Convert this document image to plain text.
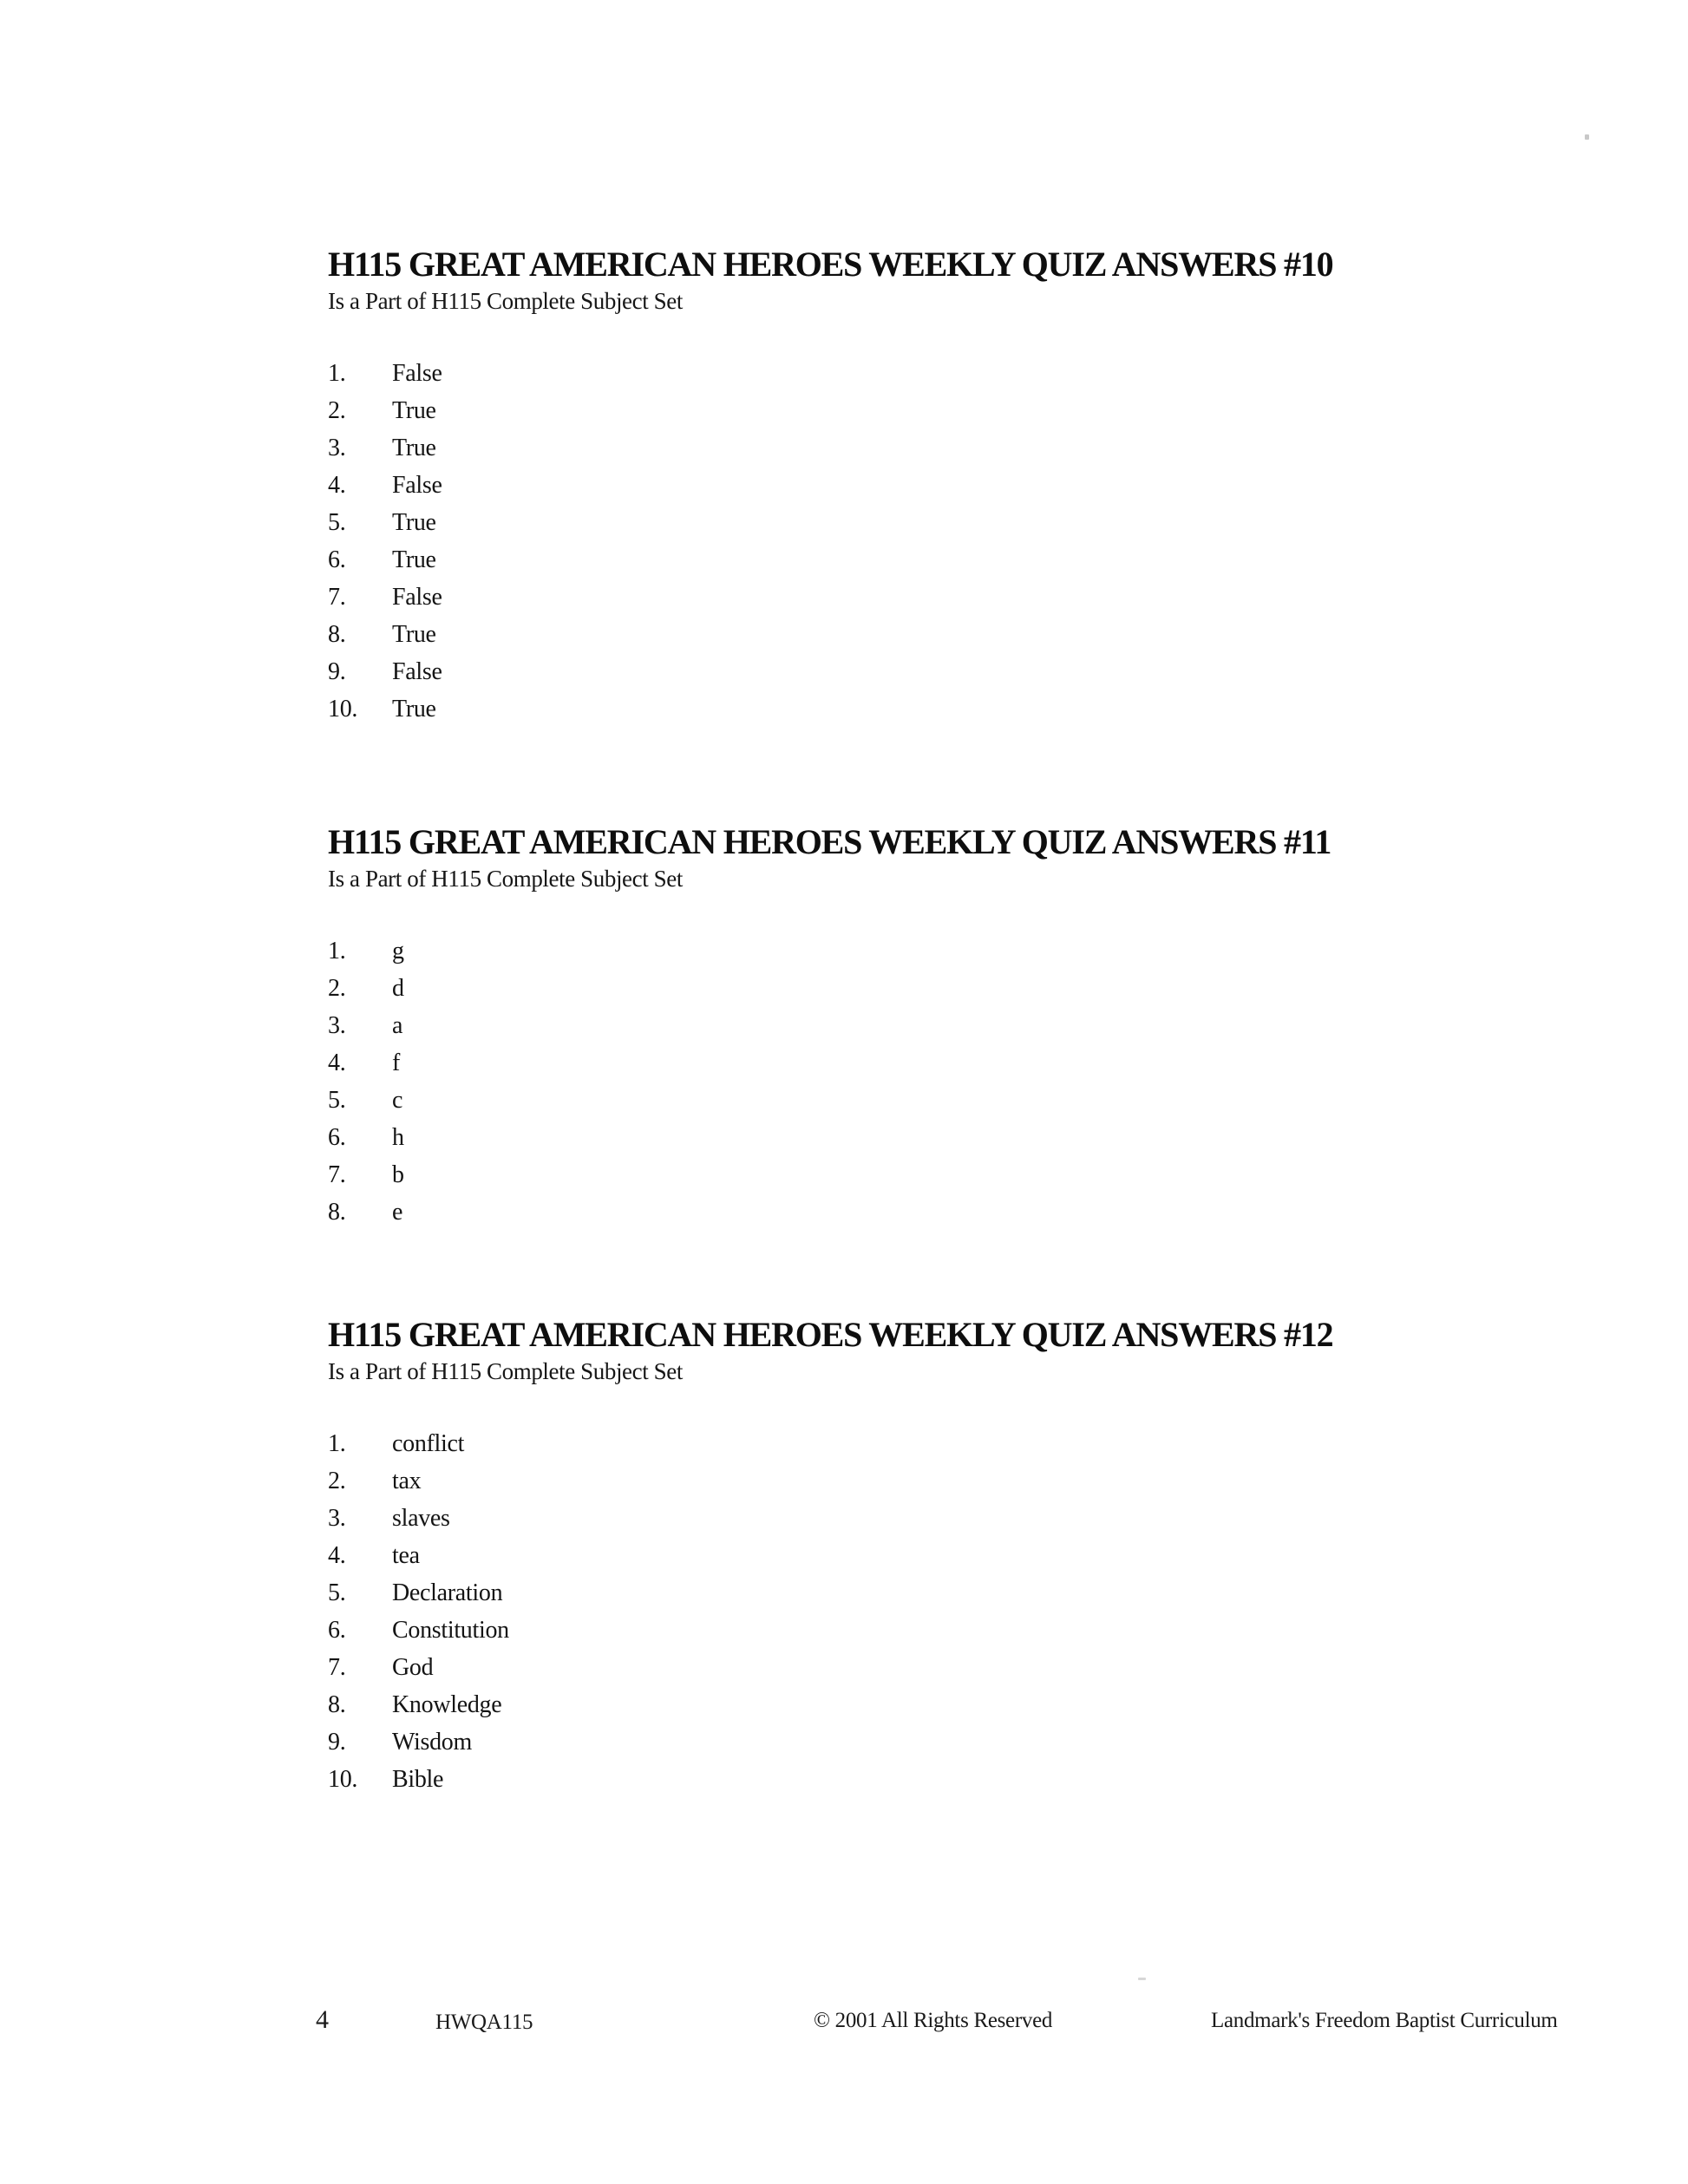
H115 GREAT AMERICAN HEROES WEEKLY QUIZ ANSWERS #10
Is a Part of H115 Complete Subject Set
1. False
2. True
3. True
4. False
5. True
6. True
7. False
8. True
9. False
10. True
H115 GREAT AMERICAN HEROES WEEKLY QUIZ ANSWERS #11
Is a Part of H115 Complete Subject Set
1. g
2. d
3. a
4. f
5. c
6. h
7. b
8. e
H115 GREAT AMERICAN HEROES WEEKLY QUIZ ANSWERS #12
Is a Part of H115 Complete Subject Set
1. conflict
2. tax
3. slaves
4. tea
5. Declaration
6. Constitution
7. God
8. Knowledge
9. Wisdom
10. Bible
4	HWQA115	© 2001 All Rights Reserved	Landmark's Freedom Baptist Curriculum
